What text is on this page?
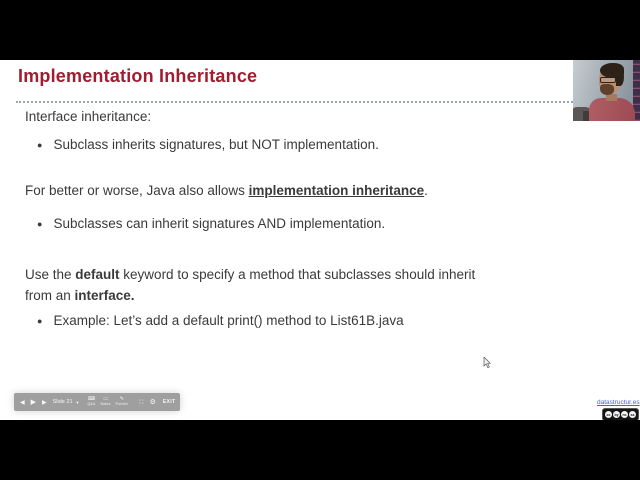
Implementation Inheritance

Interface inheritance:

● Subclass inherits signatures, but NOT implementation.

For better or worse, Java also allows implementation inheritance.

● Subclasses can inherit signatures AND implementation.

Use the default keyword to specify a method that subclasses should inherit
from an interface.

● Example: Let’s add a default print() method to List61B.java
◀ ▶ ▶ Slide 21 ▼ ⌨
Q&A
▭
Notes
✎
Pointer ∷ ⚙ EXIT	datastructur.es
cc	by	nc	sa
